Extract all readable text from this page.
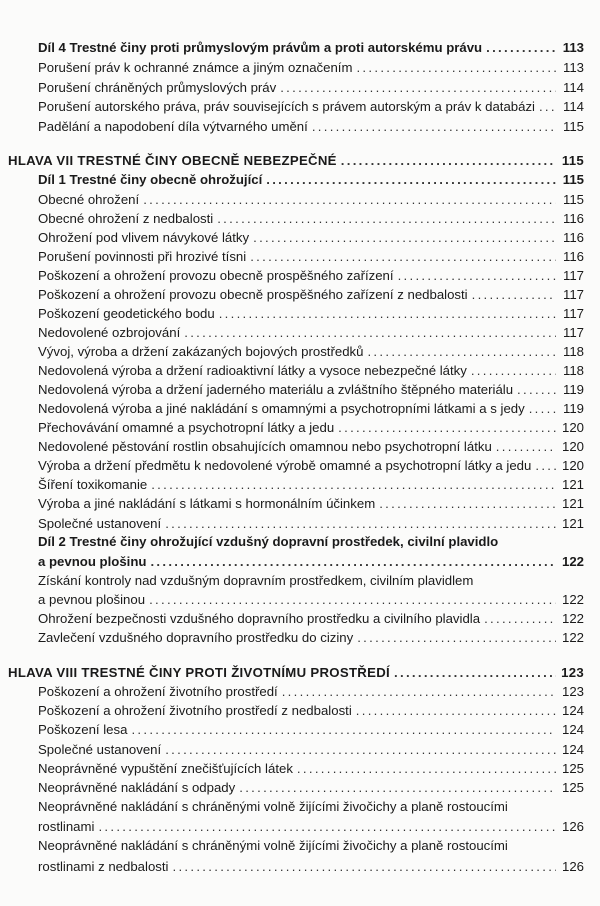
Díl 4 Trestné činy proti průmyslovým právům a proti autorskému právu .....	113
Porušení práv k ochranné známce a jiným označením .....	113
Porušení chráněných průmyslových práv .....	114
Porušení autorského práva, práv souvisejících s právem autorským a práv k databázi ..... 114
Padělání a napodobení díla výtvarného umění .....	115
HLAVA VII TRESTNÉ ČINY OBECNĚ NEBEZPEČNÉ .....	115
Díl 1 Trestné činy obecně ohrožující .....	115
Obecné ohrožení .....	115
Obecné ohrožení z nedbalosti .....	116
Ohrožení pod vlivem návykové látky .....	116
Porušení povinnosti při hrozivé tísni .....	116
Poškození a ohrožení provozu obecně prospěšného zařízení .....	117
Poškození a ohrožení provozu obecně prospěšného zařízení z nedbalosti .....	117
Poškození geodetického bodu .....	117
Nedovolené ozbrojování .....	117
Vývoj, výroba a držení zakázaných bojových prostředků .....	118
Nedovolená výroba a držení radioaktivní látky a vysoce nebezpečné látky .....	118
Nedovolená výroba a držení jaderného materiálu a zvláštního štěpného materiálu .....	119
Nedovolená výroba a jiné nakládání s omamnými a psychotropními látkami a s jedy .....	119
Přechovávání omamné a psychotropní látky a jedu .....	120
Nedovolené pěstování rostlin obsahujících omamnou nebo psychotropní látku .....	120
Výroba a držení předmětu k nedovolené výrobě omamné a psychotropní látky a jedu ..... 120
Šíření toxikomanie .....	121
Výroba a jiné nakládání s látkami s hormonálním účinkem .....	121
Společné ustanovení .....	121
Díl 2 Trestné činy ohrožující vzdušný dopravní prostředek, civilní plavidlo
a pevnou plošinu .....	122
Získání kontroly nad vzdušným dopravním prostředkem, civilním plavidlem
a pevnou plošinou .....	122
Ohrožení bezpečnosti vzdušného dopravního prostředku a civilního plavidla .....	122
Zavlečení vzdušného dopravního prostředku do ciziny .....	122
HLAVA VIII TRESTNÉ ČINY PROTI ŽIVOTNÍMU PROSTŘEDÍ .....	123
Poškození a ohrožení životního prostředí .....	123
Poškození a ohrožení životního prostředí z nedbalosti .....	124
Poškození lesa .....	124
Společné ustanovení .....	124
Neoprávněné vypuštění znečišťujících látek .....	125
Neoprávněné nakládání s odpady .....	125
Neoprávněné nakládání s chráněnými volně žijícími živočichy a planě rostoucími
rostlinami .....	126
Neoprávněné nakládání s chráněnými volně žijícími živočichy a planě rostoucími
rostlinami z nedbalosti .....	126
